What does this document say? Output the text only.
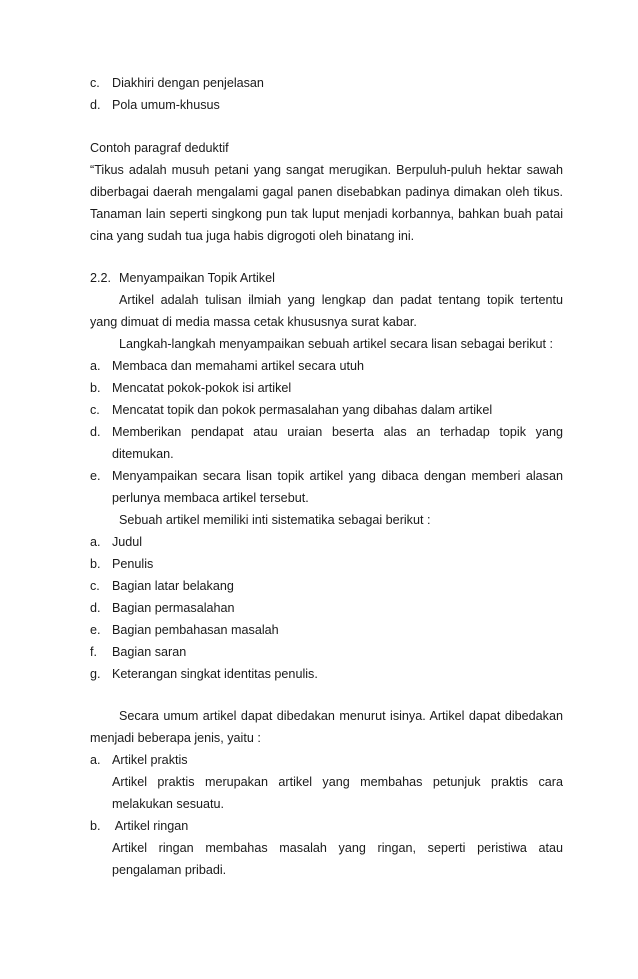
c. Diakhiri dengan penjelasan
d. Pola umum-khusus
Contoh paragraf deduktif
“Tikus adalah musuh petani yang sangat merugikan. Berpuluh-puluh hektar sawah
diberbagai daerah mengalami gagal panen disebabkan padinya dimakan oleh tikus.
Tanaman lain seperti singkong pun tak luput menjadi korbannya, bahkan buah patai
cina yang sudah tua juga habis digrogoti oleh binatang ini.
2.2. Menyampaikan Topik Artikel
Artikel adalah tulisan ilmiah yang lengkap dan padat tentang topik tertentu
yang dimuat di media massa cetak khususnya surat kabar.
Langkah-langkah menyampaikan sebuah artikel secara lisan sebagai berikut :
a. Membaca dan memahami artikel secara utuh
b. Mencatat pokok-pokok isi artikel
c. Mencatat topik dan pokok permasalahan yang dibahas dalam artikel
d. Memberikan pendapat atau uraian beserta alas an terhadap topik yang
ditemukan.
e. Menyampaikan secara lisan topik artikel yang dibaca dengan memberi alasan
perlunya membaca artikel tersebut.
Sebuah artikel memiliki inti sistematika sebagai berikut :
a. Judul
b. Penulis
c. Bagian latar belakang
d. Bagian permasalahan
e. Bagian pembahasan masalah
f. Bagian saran
g. Keterangan singkat identitas penulis.
Secara umum artikel dapat dibedakan menurut isinya. Artikel dapat dibedakan
menjadi beberapa jenis, yaitu :
a. Artikel praktis
Artikel praktis merupakan artikel yang membahas petunjuk praktis cara
melakukan sesuatu.
b. Artikel ringan
Artikel ringan membahas masalah yang ringan, seperti peristiwa atau
pengalaman pribadi.
